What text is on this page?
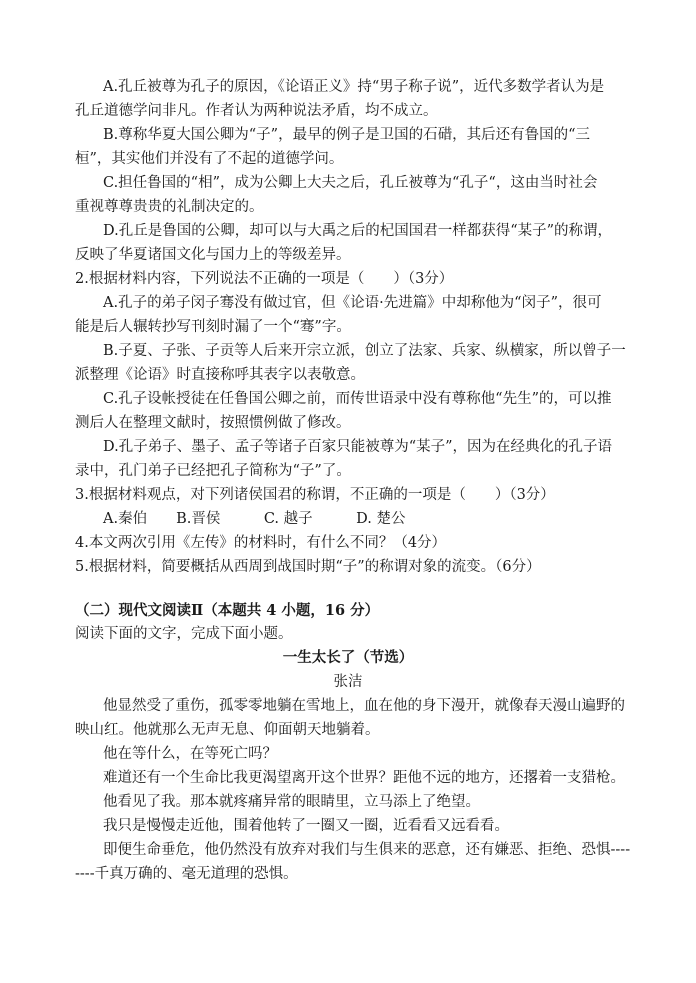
A.孔丘被尊为孔子的原因，《论语正义》持“男子称子说”，近代多数学者认为是
孔丘道德学问非凡。作者认为两种说法矛盾，均不成立。
B.尊称华夏大国公卿为“子”，最早的例子是卫国的石碏，其后还有鲁国的“三
桓”，其实他们并没有了不起的道德学问。
C.担任鲁国的“相”，成为公卿上大夫之后，孔丘被尊为“孔子“，这由当时社会
重视尊尊贵贵的礼制决定的。
D.孔丘是鲁国的公卿，却可以与大禹之后的杞国国君一样都获得“某子”的称谓，
反映了华夏诸国文化与国力上的等级差异。
2.根据材料内容，下列说法不正确的一项是（　　）（3分）
A.孔子的弟子闵子骞没有做过官，但《论语·先进篇》中却称他为“闵子”，很可
能是后人辗转抄写刊刻时漏了一个“骞”字。
B.子夏、子张、子贡等人后来开宗立派，创立了法家、兵家、纵横家，所以曾子一
派整理《论语》时直接称呼其表字以表敬意。
C.孔子设帐授徒在任鲁国公卿之前，而传世语录中没有尊称他“先生”的，可以推
测后人在整理文献时，按照惯例做了修改。
D.孔子弟子、墨子、孟子等诸子百家只能被尊为“某子”，因为在经典化的孔子语
录中，孔门弟子已经把孔子简称为“子”了。
3.根据材料观点，对下列诸侯国君的称谓，不正确的一项是（　　）（3分）
A.秦伯　　B.晋侯　　　C. 越子　　　D. 楚公
4.本文两次引用《左传》的材料时，有什么不同？（4分）
5.根据材料，简要概括从西周到战国时期“子”的称谓对象的流变。（6分）
（二）现代文阅读Ⅱ（本题共 4 小题，16 分）
阅读下面的文字，完成下面小题。
一生太长了（节选）
张洁
他显然受了重伤，孤零零地躺在雪地上，血在他的身下漫开，就像春天漫山遍野的
映山红。他就那么无声无息、仰面朝天地躺着。
他在等什么，在等死亡吗？
难道还有一个生命比我更渴望离开这个世界？距他不远的地方，还撂着一支猎枪。
他看见了我。那本就疼痛异常的眼睛里，立马添上了绝望。
我只是慢慢走近他，围着他转了一圈又一圈，近看看又远看看。
即便生命垂危，他仍然没有放弃对我们与生俱来的恶意，还有嫌恶、拒绝、恐惧----
----千真万确的、毫无道理的恐惧。
